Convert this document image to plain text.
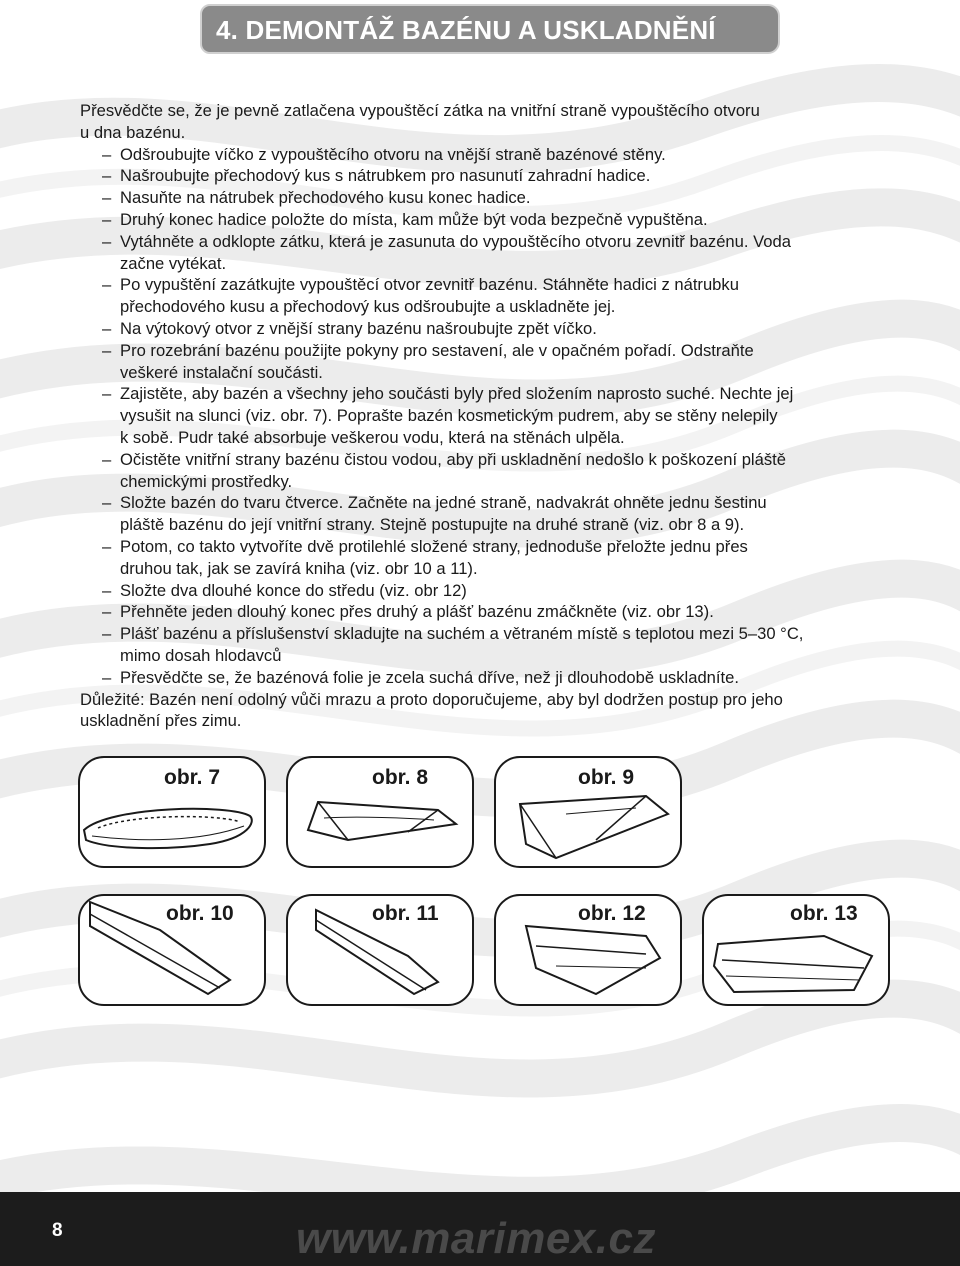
4. DEMONTÁŽ BAZÉNU A USKLADNĚNÍ

Přesvědčte se, že je pevně zatlačena vypouštěcí zátka na vnitřní straně vypouštěcího otvoru
u dna bazénu.

– Odšroubujte víčko z vypouštěcího otvoru na vnější straně bazénové stěny.

– Našroubujte přechodový kus s nátrubkem pro nasunutí zahradní hadice.

– Nasuňte na nátrubek přechodového kusu konec hadice.

– Druhý konec hadice položte do místa, kam může být voda bezpečně vypuštěna.

– Vytáhněte a odklopte zátku, která je zasunuta do vypouštěcího otvoru zevnitř bazénu. Voda
začne vytékat.

– Po vypuštění zazátkujte vypouštěcí otvor zevnitř bazénu. Stáhněte hadici z nátrubku
přechodového kusu a přechodový kus odšroubujte a uskladněte jej.

– Na výtokový otvor z vnější strany bazénu našroubujte zpět víčko.

– Pro rozebrání bazénu použijte pokyny pro sestavení, ale v opačném pořadí. Odstraňte
veškeré instalační součásti.

– Zajistěte, aby bazén a všechny jeho součásti byly před složením naprosto suché. Nechte jej
vysušit na slunci (viz. obr. 7). Poprašte bazén kosmetickým pudrem, aby se stěny nelepily
k sobě. Pudr také absorbuje veškerou vodu, která na stěnách ulpěla.

– Očistěte vnitřní strany bazénu čistou vodou, aby při uskladnění nedošlo k poškození pláště
chemickými prostředky.

– Složte bazén do tvaru čtverce. Začněte na jedné straně, nadvakrát ohněte jednu šestinu
pláště bazénu do její vnitřní strany. Stejně postupujte na druhé straně (viz. obr 8 a 9).

– Potom, co takto vytvoříte dvě protilehlé složené strany, jednoduše přeložte jednu přes
druhou tak, jak se zavírá kniha (viz. obr 10 a 11).

– Složte dva dlouhé konce do středu (viz. obr 12)

– Přehněte jeden dlouhý konec přes druhý a plášť bazénu zmáčkněte (viz. obr 13).

– Plášť bazénu a příslušenství skladujte na suchém a větraném místě s teplotou mezi 5–30 °C,
mimo dosah hlodavců

– Přesvědčte se, že bazénová folie je zcela suchá dříve, než ji dlouhodobě uskladníte.

Důležité: Bazén není odolný vůči mrazu a proto doporučujeme, aby byl dodržen postup pro jeho
uskladnění přes zimu.

obr. 7	obr. 8	obr. 9
obr. 10	obr. 11	obr. 12	obr. 13
8	www.marimex.cz
